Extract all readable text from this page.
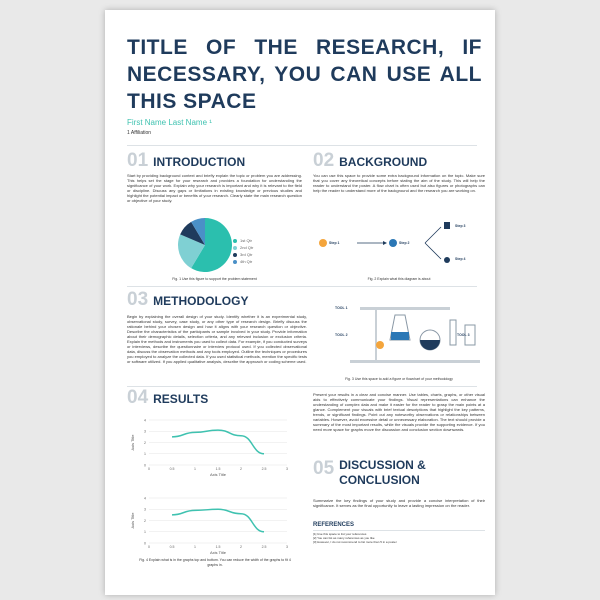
TITLE OF THE RESEARCH, IF NECESSARY, YOU CAN USE ALL THIS SPACE
First Name Last Name ¹
1 Affiliation
01 INTRODUCTION
Start by providing background context and briefly explain the topic or problem you are addressing. This helps set the stage for your research and provides a foundation for understanding the significance of your work. Explain why your research is important and why it is relevant to the field or discipline. Discuss any gaps or limitations in existing knowledge or previous studies and highlight the potential impact or benefits of your research. Clearly state the main research question or objective of your study.
1st Qtr
2nd Qtr
3rd Qtr
4th Qtr
Fig. 1 Use this figure to support the problem statement
02 BACKGROUND
You can use this space to provide some extra background information on the topic. Make sure that you cover any theoretical concepts before stating the aim of the study. This will help the reader to understand the poster. A flow chart is often used but also figures or photographs can help the reader to understand more of the background and the research you are working on.
Step 1	Step 2
Step 3
Step 4
Fig. 2 Explain what this diagram is about
03 METHODOLOGY
Begin by explaining the overall design of your study. Identify whether it is an experimental study, observational study, survey, case study, or any other type of research design. Briefly discuss the rationale behind your chosen design and how it aligns with your research question or objective. Describe the characteristics of the participants or sample involved in your study. Provide information about their demographic details, selection criteria, and any relevant inclusion or exclusion criteria. Explain the methods and instruments you used to collect data. For example, if you conducted surveys or interviews, describe the questionnaire or interview protocol used. If you collected observational data, discuss the observation methods and any tools employed. Outline the techniques or procedures you employed to analyze the collected data. If you used statistical methods, mention the specific tests or software utilized. If you applied qualitative analysis, describe the approach or coding scheme used.
TOOL 1
TOOL 2	TOOL 3
Fig. 3 Use this space to add a figure or flowchart of your methodology
04 RESULTS
0
1
2
3
4
0	0.5	1	1.5	2	2.5	3
Axis Title
Axis Title
0
1
2
3
4
0	0.5	1	1.5	2	2.5	3
Axis Title
Axis Title
Fig. 4 Explain what is in the graphs top and bottom. You can reduce the width of the graphs to fit 4 graphs in.
Present your results in a clear and concise manner. Use tables, charts, graphs, or other visual aids to effectively communicate your findings. Visual representations can enhance the understanding of complex data and make it easier for the reader to grasp the main points at a glance. Complement your visuals with brief textual descriptions that highlight the key patterns, trends, or significant findings. Point out any noteworthy observations or relationships between variables. However, avoid excessive detail or unnecessary elaboration. The text should provide a summary of the most important results, while the visuals provide the supporting evidence. If you need more space for graphs move the discussion and conclusion section downwards.
05 DISCUSSION &
CONCLUSION
Summarize the key findings of your study and provide a concise interpretation of their significance. It serves as the final opportunity to leave a lasting impression on the reader.
REFERENCES
[1] Use this space to list your references
[2] You can list as many references as you like
[3] However, I do not recommend to list more than 5 in a poster
